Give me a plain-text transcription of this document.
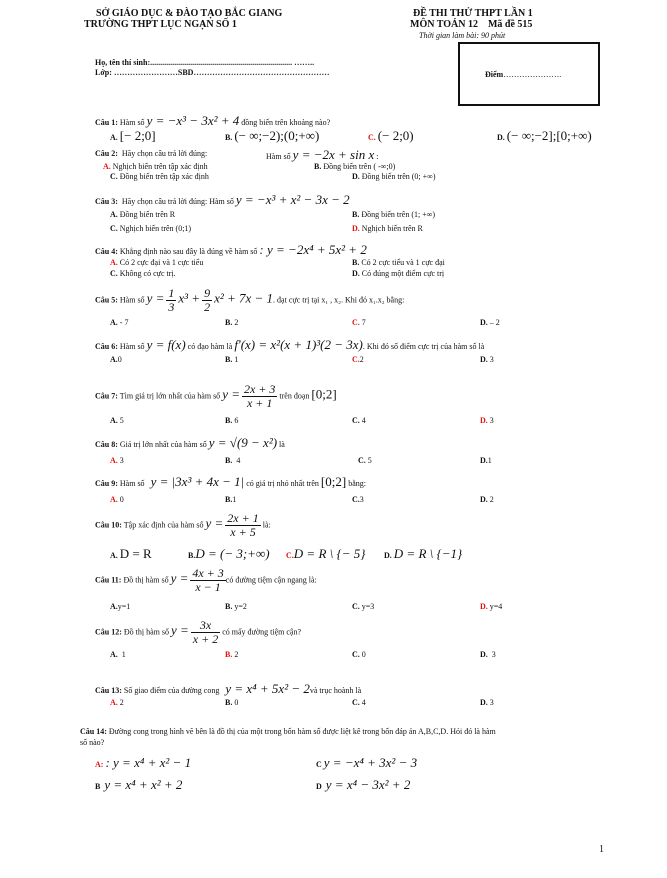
SỞ GIÁO DỤC & ĐÀO TẠO BẮC GIANG
TRƯỜNG THPT LỤC NGẠN SỐ 1
ĐỀ THI THỬ THPT LẦN 1
MÔN TOÁN 12 Mã đề 515
Thời gian làm bài: 90 phút
Họ, tên thí sinh:....................................................................... ……..
Lớp: ……………………SBD……………………………………………	Điểm………………….
Câu 1: Hàm số y = −x³ − 3x² + 4 đồng biến trên khoảng nào?
A. [− 2;0]	B. (− ∞;−2);(0;+∞)	C. (− 2;0)	D. (− ∞;−2];[0;+∞)
Câu 2: Hãy chọn câu trả lời đúng:	Hàm số y = −2x + sin x :
A. Nghịch biến trên tập xác định	B. Đồng biến trên ( -∞;0)
C. Đồng biến trên tập xác định	D. Đồng biến trên (0; +∞)
Câu 3: Hãy chọn câu trả lời đúng: Hàm số y = −x³ + x² − 3x − 2
A. Đồng biến trên R	B. Đồng biến trên (1; +∞)
C. Nghịch biến trên (0;1)	D. Nghịch biến trên R
Câu 4: Khẳng định nào sau đây là đúng về hàm số : y = −2x⁴ + 5x² + 2
A. Có 2 cực đại và 1 cực tiểu	B. Có 2 cực tiểu và 1 cực đại
C. Không có cực trị.	D. Có đúng một điểm cực trị
Câu 5: Hàm số $y = \frac{1}{3} x^3 + \frac{9}{2} x^2 + 7x - 1$. đạt cực trị tại x₁ , x₂. Khi đó x₁.x₂ bằng:
A. - 7	B. 2	C. 7	D. – 2
Câu 6: Hàm số y = f(x) có đạo hàm là f'(x) = x²(x + 1)³(2 − 3x). Khi đó số điểm cực trị của hàm số là
A.0	B. 1	C.2	D. 3
Câu 7: Tìm giá trị lớn nhất của hàm số $y = \frac{2x + 3}{x + 1}$ trên đoạn [0;2]
A. 5	B. 6	C. 4	D. 3
Câu 8: Giá trị lớn nhất của hàm số y = √(9 − x²) là
A. 3	B. 4	C. 5	D.1
Câu 9: Hàm số y = |3x³ + 4x − 1| có giá trị nhỏ nhất trên [0;2] bằng:
A. 0	B.1	C.3	D. 2
Câu 10: Tập xác định của hàm số $y = \frac{2x + 1}{x + 5}$ là:
A. D = R	B.D = (− 3;+∞) C.D = R \ {− 5} D. D = R \ {−1}
Câu 11: Đồ thị hàm số $y = \frac{4x + 3}{x - 1}$ có đường tiệm cận ngang là:
A.y=1	B. y=2	C. y=3	D. y=4
Câu 12: Đồ thị hàm số $y = \frac{3x}{x + 2}$ có mấy đường tiệm cận?
A. 1	B. 2	C. 0	D. 3
Câu 13: Số giao điểm của đường cong y = x⁴ + 5x² − 2và trục hoành là
A. 2	B. 0	C. 4	D. 3
Câu 14: Đường cong trong hình vẽ bên là đồ thị của một trong bốn hàm số được liệt kê trong bốn đáp án A,B,C,D. Hỏi đó là hàm
số nào?
A: : y = x⁴ + x² − 1	C y = −x⁴ + 3x² − 3
B y = x⁴ + x² + 2	D y = x⁴ − 3x² + 2
1
